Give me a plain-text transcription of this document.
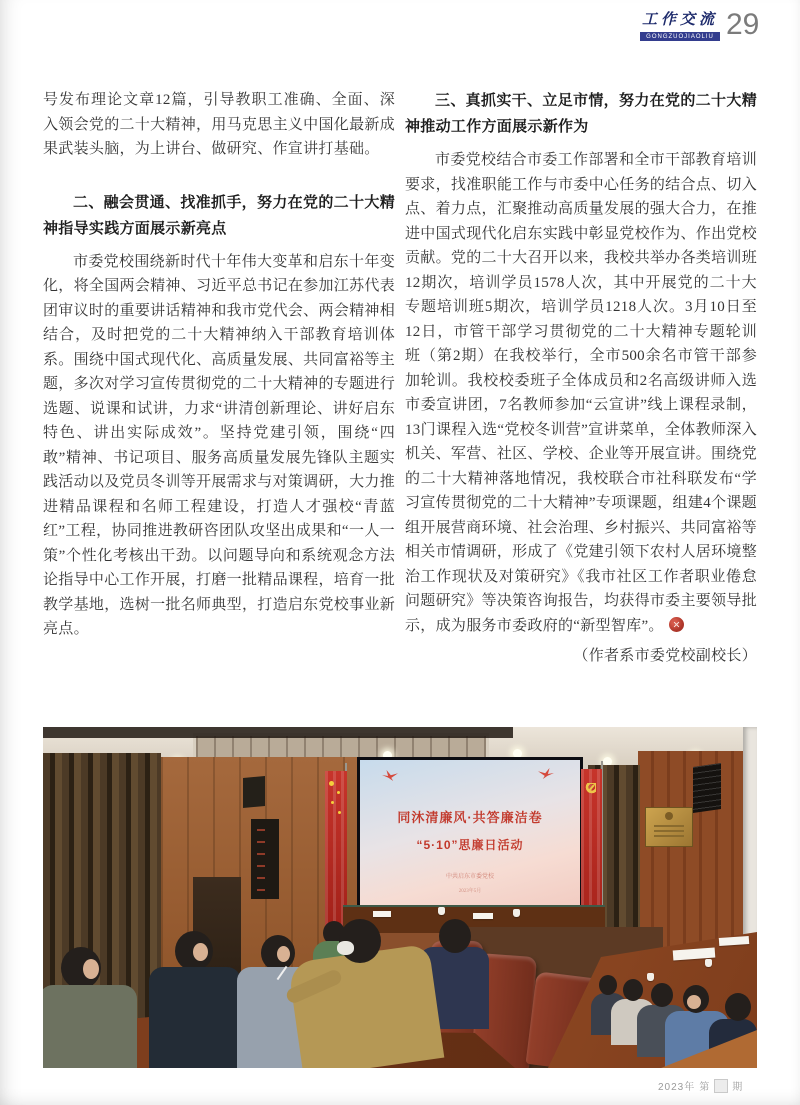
工作交流
GONGZUOJIAOLIU 29

号发布理论文章12篇，引导教职工准确、全面、深入领会党的二十大精神，用马克思主义中国化最新成果武装头脑，为上讲台、做研究、作宣讲打基础。

二、融会贯通、找准抓手，努力在党的二十大精神指导实践方面展示新亮点

市委党校围绕新时代十年伟大变革和启东十年变化，将全国两会精神、习近平总书记在参加江苏代表团审议时的重要讲话精神和我市党代会、两会精神相结合，及时把党的二十大精神纳入干部教育培训体系。围绕中国式现代化、高质量发展、共同富裕等主题，多次对学习宣传贯彻党的二十大精神的专题进行选题、说课和试讲，力求“讲清创新理论、讲好启东特色、讲出实际成效”。坚持党建引领，围绕“四敢”精神、书记项目、服务高质量发展先锋队主题实践活动以及党员冬训等开展需求与对策调研，大力推进精品课程和名师工程建设，打造人才强校“青蓝红”工程，协同推进教研咨团队攻坚出成果和“一人一策”个性化考核出干劲。以问题导向和系统观念方法论指导中心工作开展，打磨一批精品课程，培育一批教学基地，选树一批名师典型，打造启东党校事业新亮点。

三、真抓实干、立足市情，努力在党的二十大精神推动工作方面展示新作为

市委党校结合市委工作部署和全市干部教育培训要求，找准职能工作与市委中心任务的结合点、切入点、着力点，汇聚推动高质量发展的强大合力，在推进中国式现代化启东实践中彰显党校作为、作出党校贡献。党的二十大召开以来，我校共举办各类培训班12期次，培训学员1578人次，其中开展党的二十大专题培训班5期次，培训学员1218人次。3月10日至12日，市管干部学习贯彻党的二十大精神专题轮训班（第2期）在我校举行，全市500余名市管干部参加轮训。我校校委班子全体成员和2名高级讲师入选市委宣讲团，7名教师参加“云宣讲”线上课程录制，13门课程入选“党校冬训营”宣讲菜单，全体教师深入机关、军营、社区、学校、企业等开展宣讲。围绕党的二十大精神落地情况，我校联合市社科联发布“学习宣传贯彻党的二十大精神”专项课题，组建4个课题组开展营商环境、社会治理、乡村振兴、共同富裕等相关市情调研，形成了《党建引领下农村人居环境整治工作现状及对策研究》《我市社区工作者职业倦怠问题研究》等决策咨询报告，均获得市委主要领导批示，成为服务市委政府的“新型智库”。

（作者系市委党校副校长）

同沐清廉风·共答廉洁卷
“5·10”思廉日活动
中共启东市委党校
2023年5月
2023年 第 期
